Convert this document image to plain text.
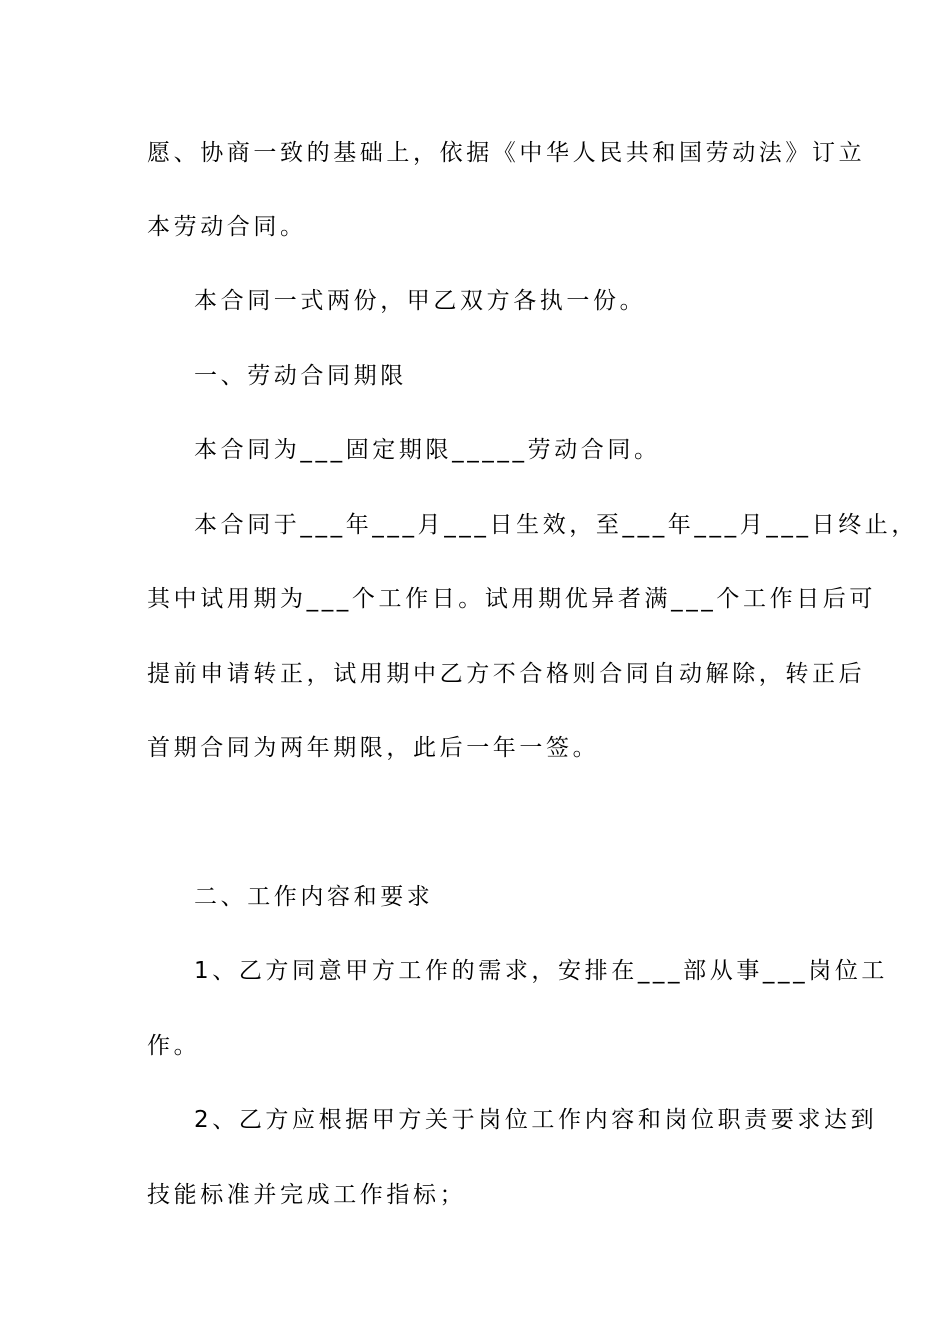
愿、协商一致的基础上，依据《中华人民共和国劳动法》订立
本劳动合同。
本合同一式两份，甲乙双方各执一份。
一、劳动合同期限
本合同为___固定期限_____劳动合同。
本合同于___年___月___日生效，至___年___月___日终止，
其中试用期为___个工作日。试用期优异者满___个工作日后可
提前申请转正，试用期中乙方不合格则合同自动解除，转正后
首期合同为两年期限，此后一年一签。
二、工作内容和要求
1、乙方同意甲方工作的需求，安排在___部从事___岗位工
作。
2、乙方应根据甲方关于岗位工作内容和岗位职责要求达到
技能标准并完成工作指标；
